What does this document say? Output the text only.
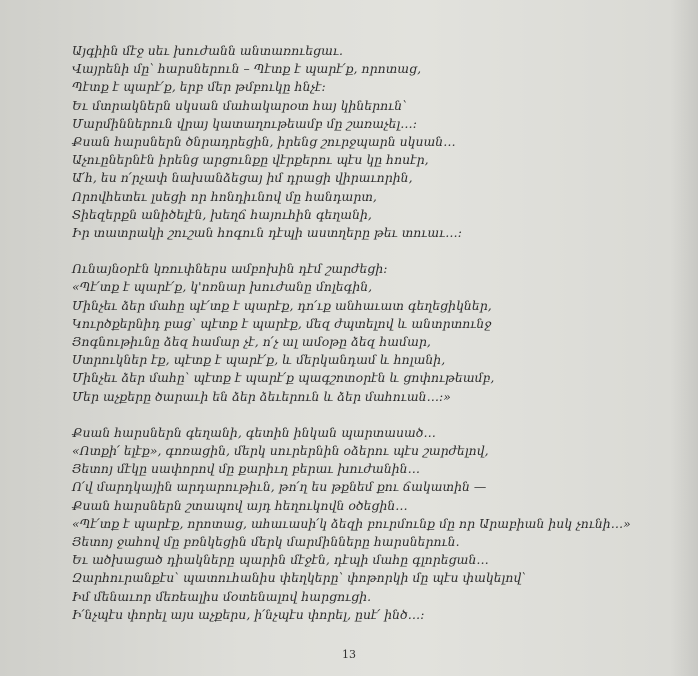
Այգիին մէջ սեւ խուժանն անտառուեցաւ.
Վայրենի մը՝ հարսներուն – Պէտք է պարէ՛ք, որոտաց,
Պէտք է պարէ՛ք, երբ մեր թմբուկը հնչէ:
Եւ մտրակներն սկսան մահակարօտ հայ կիներուն՝
Մարմիններուն վրայ կատաղութեամբ մը շառաչել…:
Քսան հարսներն ծնրադրեցին, իրենց շուրջպարն սկսան…
Աչուըներնէն իրենց արցունքը վէրքերու պէս կը հոսէր,
Ա՛հ, ես ո՛րչափ նախանձեցայ իմ դրացի վիրաւորին,
Որովհետեւ լսեցի որ հոնդիւնով մը հանդարտ,
Տիեզերքն անիծելէն, խեղճ հայուհին գեղանի,
Իր տատրակի շուշան հոգուն դէպի աստղերը թեւ տուաւ…:
Ունայնօրէն կռուփներս ամբոխին դէմ շարժեցի:
«Պէ՛տք է պարէ՛ք, կ'ոռնար խուժանը մոլեգին,
Մինչեւ ձեր մահը պէ՛տք է պարէք, դո՛ւք անհաւատ գեղեցիկներ,
Կուրծքերնիդ բաց՝ պէտք է պարէք, մեզ ժպտելով և անտրտունջ
Յոգնութիւնը ձեզ համար չէ, ո՛չ ալ ամօթը ձեզ համար,
Ստրուկներ էք, պէտք է պարէ՛ք, և մերկանդամ և հոլանի,
Մինչեւ ձեր մահը՝ պէտք է պարէ՛ք պագշոտօրէն և ցոփութեամբ,
Մեր աչքերը ծարաւի են ձեր ձեւերուն և ձեր մահուան…:»
Քսան հարսներն գեղանի, գետին ինկան պարտասած…
«Ոտքի՛ ելէք», գոռացին, մերկ սուրերնին օձերու պէս շարժելով,
Յետոյ մէկը սափորով մը քարիւղ բերաւ խուժանին…
Ո՛վ մարդկային արդարութիւն, թո՛ղ ես թքնեմ քու ճակատին —
Քսան հարսներն շտապով այդ հեղուկովն օծեցին…
«Պէ՛տք է պարէք, որոտաց, ահաւասի՛կ ձեզի բուրմունք մը որ Արաբիան իսկ չունի…»
Յետոյ ջահով մը բռնկեցին մերկ մարմինները հարսներուն.
Եւ ածխացած դիակները պարին մէջէն, դէպի մահը գլորեցան…
Զարհուրանքէս՝ պատուհանիս փեղկերը՝ փոթորկի մը պէս փակելով՝
Իմ մենաւոր մեռեալիս մօտենալով հարցուցի.
Ի՛նչպէս փորել այս աչքերս, ի՛նչպէս փորել, ըսէ՛ ինծ…:
13
